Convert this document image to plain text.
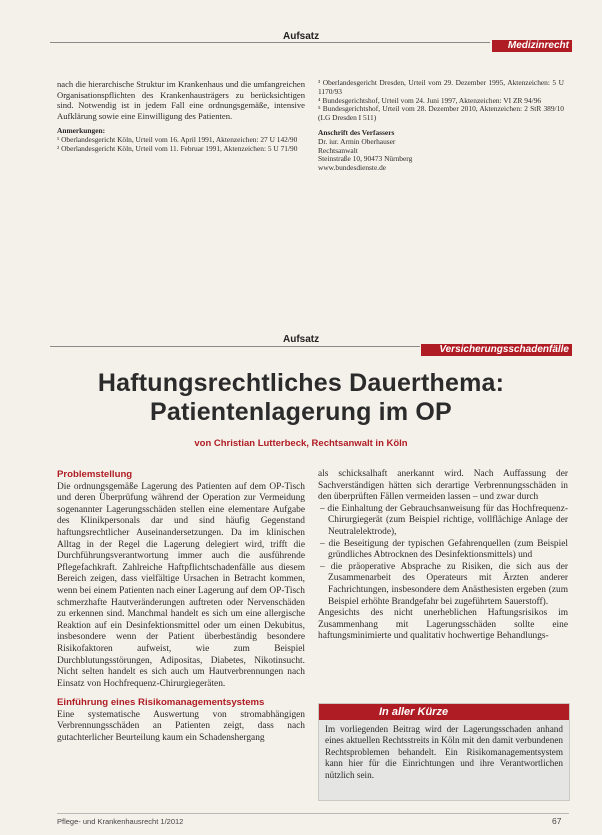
Aufsatz
Medizinrecht

nach die hierarchische Struktur im Krankenhaus und die umfangreichen Organisationspflichten des Krankenhausträgers zu berücksichtigen sind. Notwendig ist in jedem Fall eine ordnungsgemäße, intensive Aufklärung sowie eine Einwilligung des Patienten.

Anmerkungen:
¹ Oberlandesgericht Köln, Urteil vom 16. April 1991, Aktenzeichen: 27 U 142/90
² Oberlandesgericht Köln, Urteil vom 11. Februar 1991, Aktenzeichen: 5 U 71/90
³ Oberlandesgericht Dresden, Urteil vom 29. Dezember 1995, Aktenzeichen: 5 U 1170/93
⁴ Bundesgerichtshof, Urteil vom 24. Juni 1997, Aktenzeichen: VI ZR 94/96
⁵ Bundesgerichtshof, Urteil vom 28. Dezember 2010, Aktenzeichen: 2 StR 389/10 (LG Dresden I 511)
Anschrift des Verfassers
Dr. iur. Armin Oberhauser
Rechtsanwalt
Steinstraße 10, 90473 Nürnberg
www.bundesdienste.de
Aufsatz
Versicherungsschadenfälle
Haftungsrechtliches Dauerthema:
Patientenlagerung im OP
von Christian Lutterbeck, Rechtsanwalt in Köln
Problemstellung

Die ordnungsgemäße Lagerung des Patienten auf dem OP-Tisch und deren Überprüfung während der Operation zur Vermeidung sogenannter Lagerungsschäden stellen eine elementare Aufgabe des Klinikpersonals dar und sind häufig Gegenstand haftungsrechtlicher Auseinandersetzungen. Da im klinischen Alltag in der Regel die Lagerung delegiert wird, trifft die Durchführungsverantwortung immer auch die ausführende Pflegefachkraft. Zahlreiche Haftpflichtschadenfälle aus diesem Bereich zeigen, dass vielfältige Ursachen in Betracht kommen, wenn bei einem Patienten nach einer Lagerung auf dem OP-Tisch schmerzhafte Hautveränderungen auftreten oder Nervenschäden zu erkennen sind. Manchmal handelt es sich um eine allergische Reaktion auf ein Desinfektionsmittel oder um einen Dekubitus, insbesondere wenn der Patient überbeständig besondere Risikofaktoren aufweist, wie zum Beispiel Durchblutungsstörungen, Adipositas, Diabetes, Nikotinsucht. Nicht selten handelt es sich auch um Hautverbrennungen nach Einsatz von Hochfrequenz-Chirurgiegeräten.

Einführung eines Risikomanagementsystems

Eine systematische Auswertung von stromabhängigen Verbrennungsschäden an Patienten zeigt, dass nach gutachterlicher Beurteilung kaum ein Schadenshergang

als schicksalhaft anerkannt wird. Nach Auffassung der Sachverständigen hätten sich derartige Verbrennungsschäden in den überprüften Fällen vermeiden lassen – und zwar durch

– die Einhaltung der Gebrauchsanweisung für das Hochfrequenz-Chirurgiegerät (zum Beispiel richtige, vollflächige Anlage der Neutralelektrode),
– die Beseitigung der typischen Gefahrenquellen (zum Beispiel gründliches Abtrocknen des Desinfektionsmittels) und
– die präoperative Absprache zu Risiken, die sich aus der Zusammenarbeit des Operateurs mit Ärzten anderer Fachrichtungen, insbesondere dem Anästhesisten ergeben (zum Beispiel erhöhte Brandgefahr bei zugeführtem Sauerstoff).

Angesichts des nicht unerheblichen Haftungsrisikos im Zusammenhang mit Lagerungsschäden sollte eine haftungsminimierte und qualitativ hochwertige Behandlungs-

In aller Kürze
Im vorliegenden Beitrag wird der Lagerungsschaden anhand eines aktuellen Rechtsstreits in Köln mit den damit verbundenen Rechtsproblemen behandelt. Ein Risikomanagementsystem kann hier für die Einrichtungen und ihre Verantwortlichen nützlich sein.
Pflege- und Krankenhausrecht 1/2012	67
